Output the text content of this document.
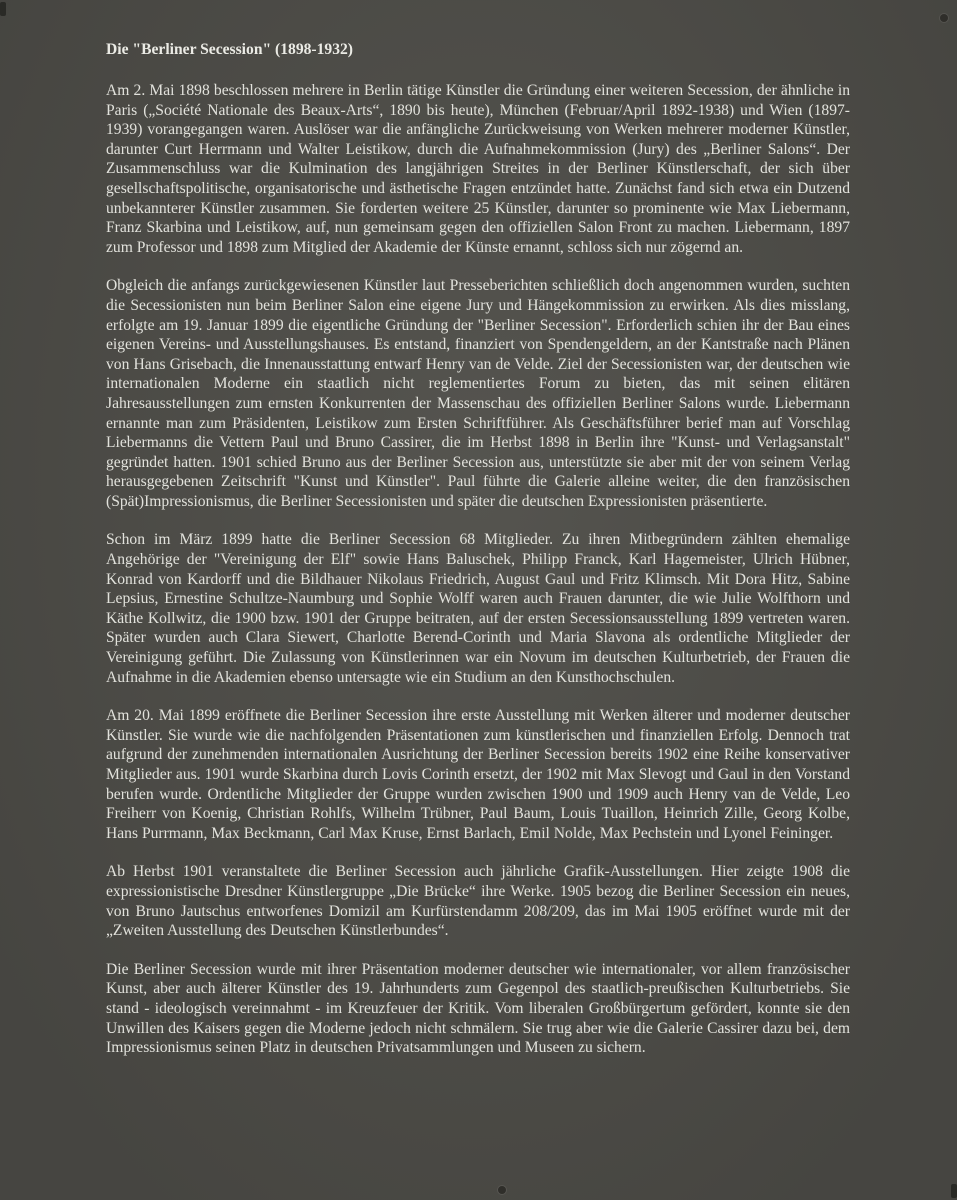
Die "Berliner Secession" (1898-1932)

Am 2. Mai 1898 beschlossen mehrere in Berlin tätige Künstler die Gründung einer weiteren Secession, der ähnliche in Paris („Société Nationale des Beaux-Arts“, 1890 bis heute), München (Februar/April 1892-1938) und Wien (1897-1939) vorangegangen waren. Auslöser war die anfängliche Zurückweisung von Werken mehrerer moderner Künstler, darunter Curt Herrmann und Walter Leistikow, durch die Aufnahmekommission (Jury) des „Berliner Salons“. Der Zusammenschluss war die Kulmination des langjährigen Streites in der Berliner Künstlerschaft, der sich über gesellschaftspolitische, organisatorische und ästhetische Fragen entzündet hatte. Zunächst fand sich etwa ein Dutzend unbekannterer Künstler zusammen. Sie forderten weitere 25 Künstler, darunter so prominente wie Max Liebermann, Franz Skarbina und Leistikow, auf, nun gemeinsam gegen den offiziellen Salon Front zu machen. Liebermann, 1897 zum Professor und 1898 zum Mitglied der Akademie der Künste ernannt, schloss sich nur zögernd an.

Obgleich die anfangs zurückgewiesenen Künstler laut Presseberichten schließlich doch angenommen wurden, suchten die Secessionisten nun beim Berliner Salon eine eigene Jury und Hängekommission zu erwirken. Als dies misslang, erfolgte am 19. Januar 1899 die eigentliche Gründung der "Berliner Secession". Erforderlich schien ihr der Bau eines eigenen Vereins- und Ausstellungshauses. Es entstand, finanziert von Spendengeldern, an der Kantstraße nach Plänen von Hans Grisebach, die Innenausstattung entwarf Henry van de Velde. Ziel der Secessionisten war, der deutschen wie internationalen Moderne ein staatlich nicht reglementiertes Forum zu bieten, das mit seinen elitären Jahresausstellungen zum ernsten Konkurrenten der Massenschau des offiziellen Berliner Salons wurde. Liebermann ernannte man zum Präsidenten, Leistikow zum Ersten Schriftführer. Als Geschäftsführer berief man auf Vorschlag Liebermanns die Vettern Paul und Bruno Cassirer, die im Herbst 1898 in Berlin ihre "Kunst- und Verlagsanstalt" gegründet hatten. 1901 schied Bruno aus der Berliner Secession aus, unterstützte sie aber mit der von seinem Verlag herausgegebenen Zeitschrift "Kunst und Künstler". Paul führte die Galerie alleine weiter, die den französischen (Spät)Impressionismus, die Berliner Secessionisten und später die deutschen Expressionisten präsentierte.

Schon im März 1899 hatte die Berliner Secession 68 Mitglieder. Zu ihren Mitbegründern zählten ehemalige Angehörige der "Vereinigung der Elf" sowie Hans Baluschek, Philipp Franck, Karl Hagemeister, Ulrich Hübner, Konrad von Kardorff und die Bildhauer Nikolaus Friedrich, August Gaul und Fritz Klimsch. Mit Dora Hitz, Sabine Lepsius, Ernestine Schultze-Naumburg und Sophie Wolff waren auch Frauen darunter, die wie Julie Wolfthorn und Käthe Kollwitz, die 1900 bzw. 1901 der Gruppe beitraten, auf der ersten Secessionsausstellung 1899 vertreten waren. Später wurden auch Clara Siewert, Charlotte Berend-Corinth und Maria Slavona als ordentliche Mitglieder der Vereinigung geführt. Die Zulassung von Künstlerinnen war ein Novum im deutschen Kulturbetrieb, der Frauen die Aufnahme in die Akademien ebenso untersagte wie ein Studium an den Kunsthochschulen.

Am 20. Mai 1899 eröffnete die Berliner Secession ihre erste Ausstellung mit Werken älterer und moderner deutscher Künstler. Sie wurde wie die nachfolgenden Präsentationen zum künstlerischen und finanziellen Erfolg. Dennoch trat aufgrund der zunehmenden internationalen Ausrichtung der Berliner Secession bereits 1902 eine Reihe konservativer Mitglieder aus. 1901 wurde Skarbina durch Lovis Corinth ersetzt, der 1902 mit Max Slevogt und Gaul in den Vorstand berufen wurde. Ordentliche Mitglieder der Gruppe wurden zwischen 1900 und 1909 auch Henry van de Velde, Leo Freiherr von Koenig, Christian Rohlfs, Wilhelm Trübner, Paul Baum, Louis Tuaillon, Heinrich Zille, Georg Kolbe, Hans Purrmann, Max Beckmann, Carl Max Kruse, Ernst Barlach, Emil Nolde, Max Pechstein und Lyonel Feininger.

Ab Herbst 1901 veranstaltete die Berliner Secession auch jährliche Grafik-Ausstellungen. Hier zeigte 1908 die expressionistische Dresdner Künstlergruppe „Die Brücke“ ihre Werke. 1905 bezog die Berliner Secession ein neues, von Bruno Jautschus entworfenes Domizil am Kurfürstendamm 208/209, das im Mai 1905 eröffnet wurde mit der „Zweiten Ausstellung des Deutschen Künstlerbundes“.

Die Berliner Secession wurde mit ihrer Präsentation moderner deutscher wie internationaler, vor allem französischer Kunst, aber auch älterer Künstler des 19. Jahrhunderts zum Gegenpol des staatlich-preußischen Kulturbetriebs. Sie stand - ideologisch vereinnahmt - im Kreuzfeuer der Kritik. Vom liberalen Großbürgertum gefördert, konnte sie den Unwillen des Kaisers gegen die Moderne jedoch nicht schmälern. Sie trug aber wie die Galerie Cassirer dazu bei, dem Impressionismus seinen Platz in deutschen Privatsammlungen und Museen zu sichern.
